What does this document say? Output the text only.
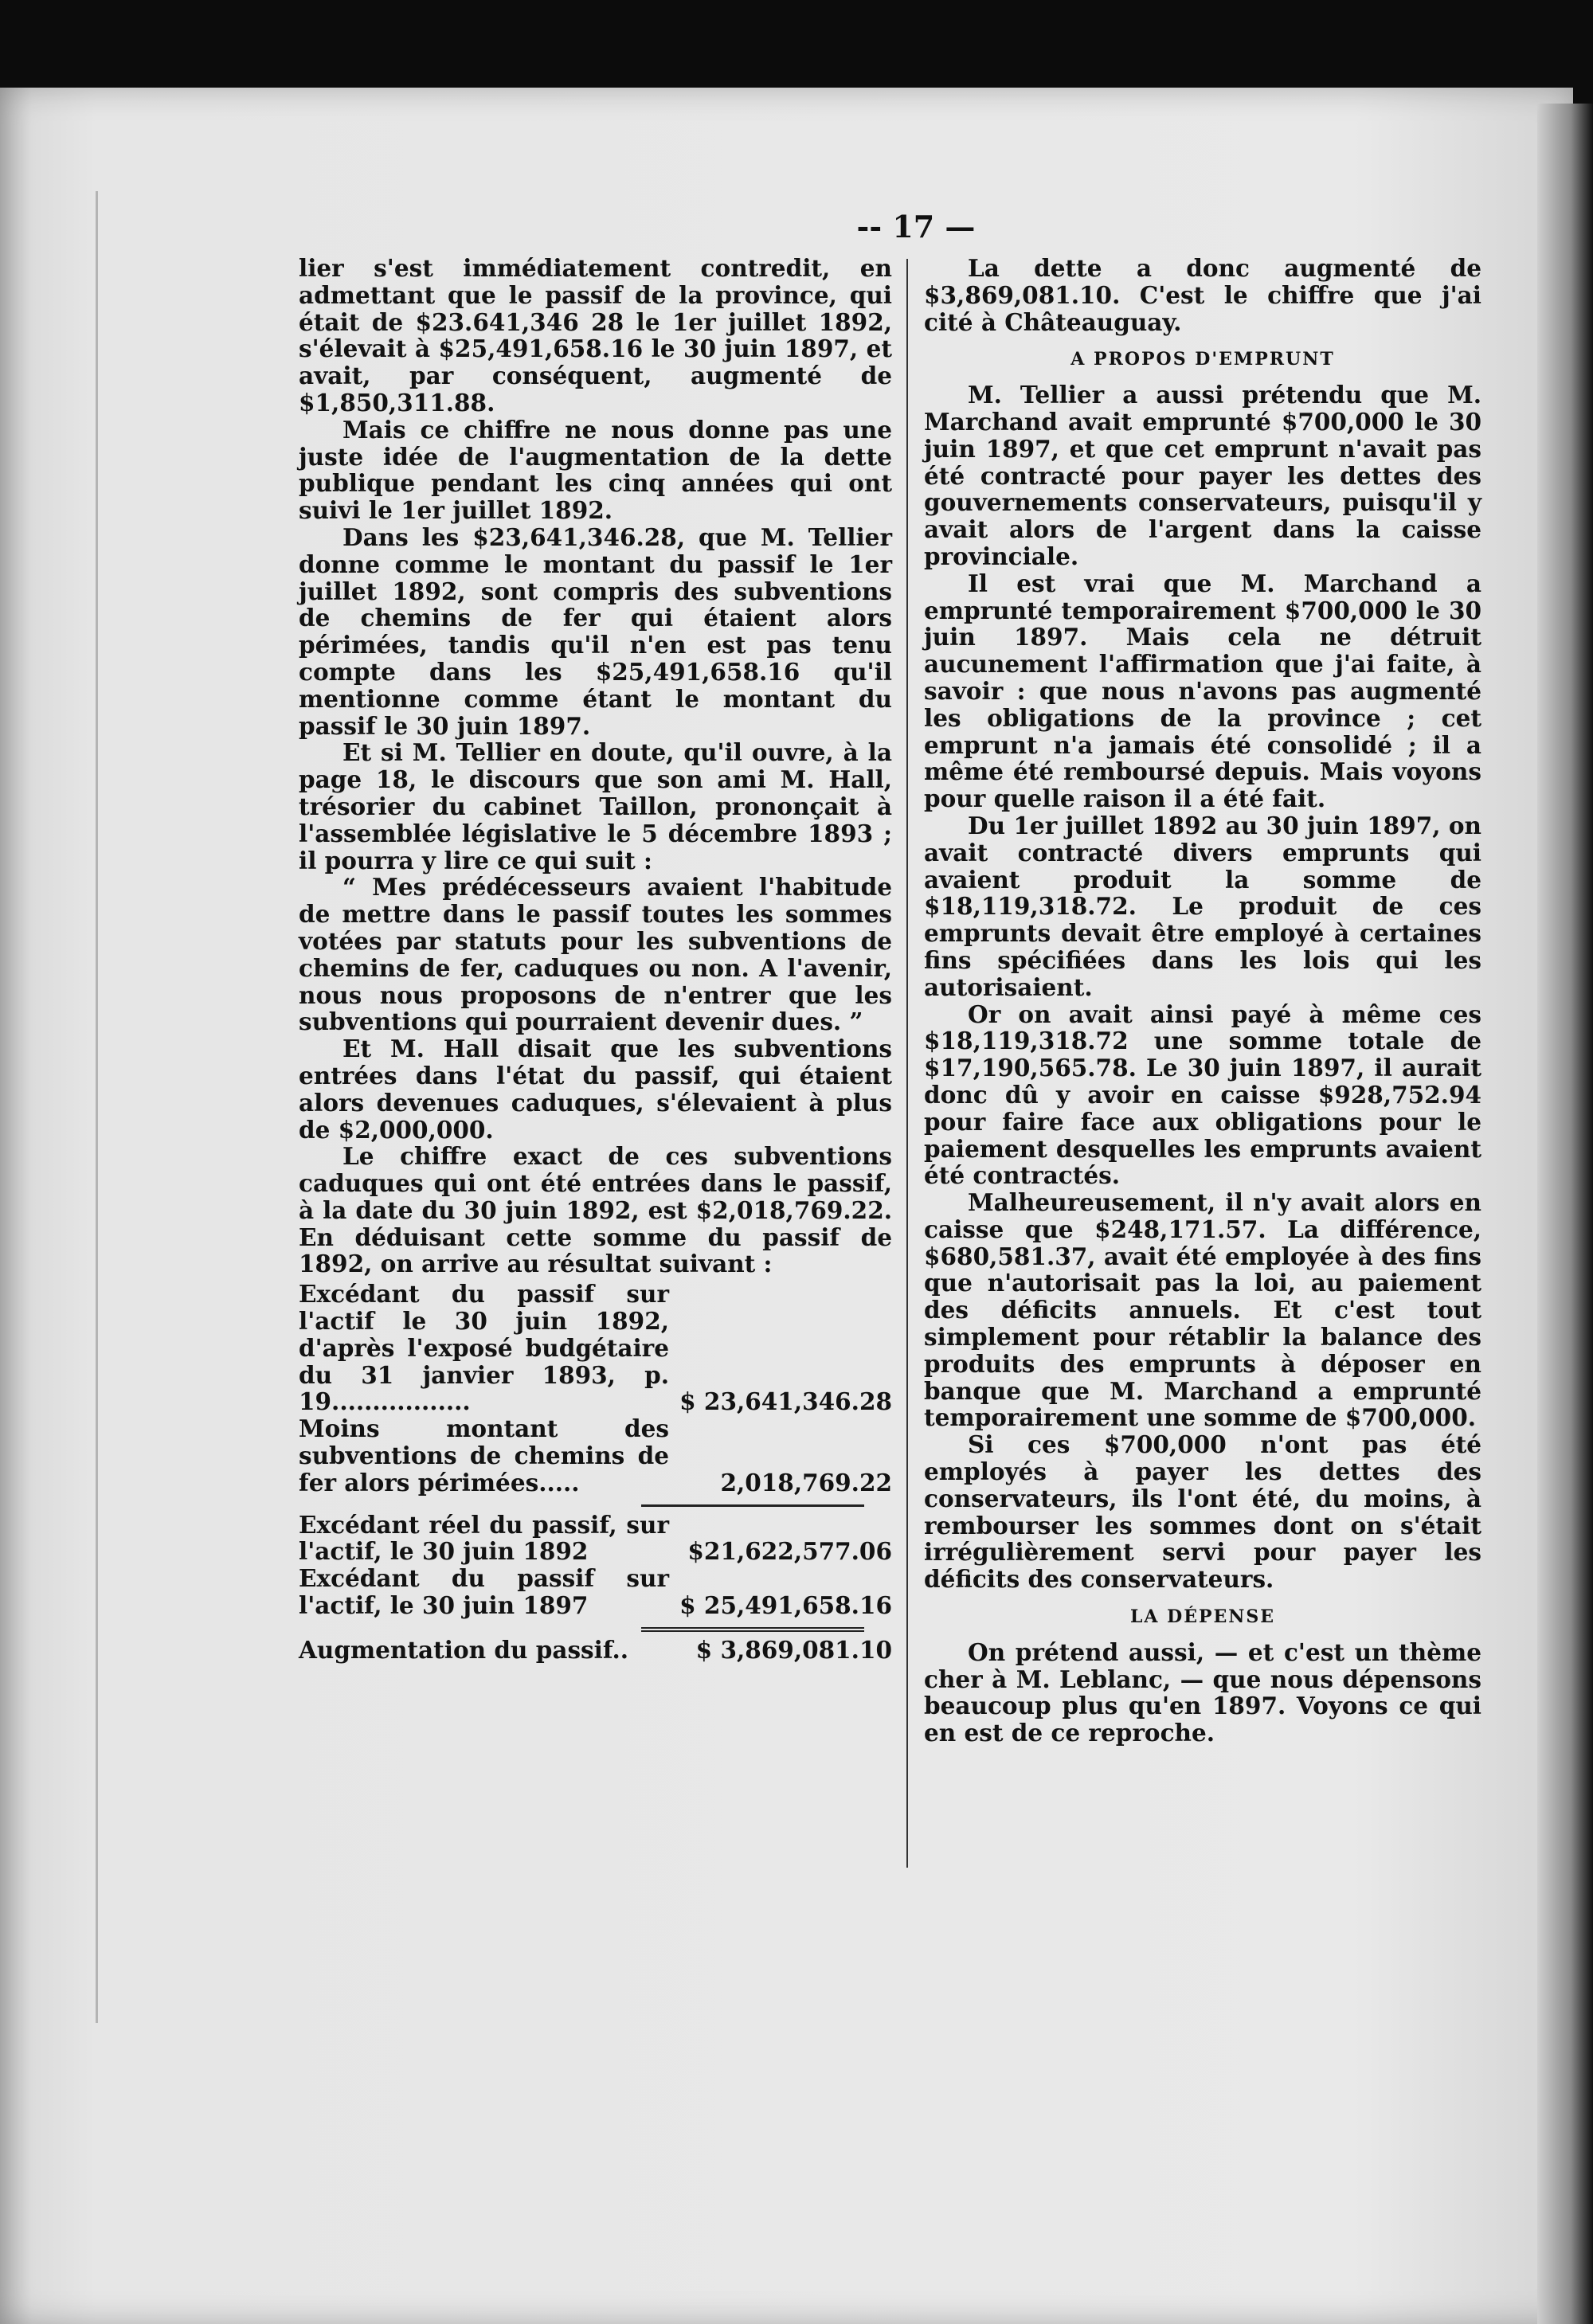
-- 17 —

lier s'est immédiatement contredit, en admettant que le passif de la province, qui était de $23.641,346 28 le 1er juillet 1892, s'élevait à $25,491,658.16 le 30 juin 1897, et avait, par conséquent, augmenté de $1,850,311.88.

Mais ce chiffre ne nous donne pas une juste idée de l'augmentation de la dette publique pendant les cinq années qui ont suivi le 1er juillet 1892.

Dans les $23,641,346.28, que M. Tellier donne comme le montant du passif le 1er juillet 1892, sont compris des subventions de chemins de fer qui étaient alors périmées, tandis qu'il n'en est pas tenu compte dans les $25,491,658.16 qu'il mentionne comme étant le montant du passif le 30 juin 1897.

Et si M. Tellier en doute, qu'il ouvre, à la page 18, le discours que son ami M. Hall, trésorier du cabinet Taillon, prononçait à l'assemblée législative le 5 décembre 1893 ; il pourra y lire ce qui suit :

“ Mes prédécesseurs avaient l'habitude de mettre dans le passif toutes les sommes votées par statuts pour les subventions de chemins de fer, caduques ou non. A l'avenir, nous nous proposons de n'entrer que les subventions qui pourraient devenir dues. ”

Et M. Hall disait que les subventions entrées dans l'état du passif, qui étaient alors devenues caduques, s'élevaient à plus de $2,000,000.

Le chiffre exact de ces subventions caduques qui ont été entrées dans le passif, à la date du 30 juin 1892, est $2,018,769.22. En déduisant cette somme du passif de 1892, on arrive au résultat suivant :

Excédant du passif sur l'actif le 30 juin 1892, d'après l'exposé budgétaire du 31 janvier 1893, p. 19.................	$ 23,641,346.28
Moins montant des subventions de chemins de fer alors périmées.....	2,018,769.22
Excédant réel du passif, sur l'actif, le 30 juin 1892	$21,622,577.06
Excédant du passif sur l'actif, le 30 juin 1897	$ 25,491,658.16
Augmentation du passif..	$ 3,869,081.10

La dette a donc augmenté de $3,869,081.10. C'est le chiffre que j'ai cité à Châteauguay.

A PROPOS D'EMPRUNT

M. Tellier a aussi prétendu que M. Marchand avait emprunté $700,000 le 30 juin 1897, et que cet emprunt n'avait pas été contracté pour payer les dettes des gouvernements conservateurs, puisqu'il y avait alors de l'argent dans la caisse provinciale.

Il est vrai que M. Marchand a emprunté temporairement $700,000 le 30 juin 1897. Mais cela ne détruit aucunement l'affirmation que j'ai faite, à savoir : que nous n'avons pas augmenté les obligations de la province ; cet emprunt n'a jamais été consolidé ; il a même été remboursé depuis. Mais voyons pour quelle raison il a été fait.

Du 1er juillet 1892 au 30 juin 1897, on avait contracté divers emprunts qui avaient produit la somme de $18,119,318.72. Le produit de ces emprunts devait être employé à certaines fins spécifiées dans les lois qui les autorisaient.

Or on avait ainsi payé à même ces $18,119,318.72 une somme totale de $17,190,565.78. Le 30 juin 1897, il aurait donc dû y avoir en caisse $928,752.94 pour faire face aux obligations pour le paiement desquelles les emprunts avaient été contractés.

Malheureusement, il n'y avait alors en caisse que $248,171.57. La différence, $680,581.37, avait été employée à des fins que n'autorisait pas la loi, au paiement des déficits annuels. Et c'est tout simplement pour rétablir la balance des produits des emprunts à déposer en banque que M. Marchand a emprunté temporairement une somme de $700,000.

Si ces $700,000 n'ont pas été employés à payer les dettes des conservateurs, ils l'ont été, du moins, à rembourser les sommes dont on s'était irrégulièrement servi pour payer les déficits des conservateurs.

LA DÉPENSE

On prétend aussi, — et c'est un thème cher à M. Leblanc, — que nous dépensons beaucoup plus qu'en 1897. Voyons ce qui en est de ce reproche.
